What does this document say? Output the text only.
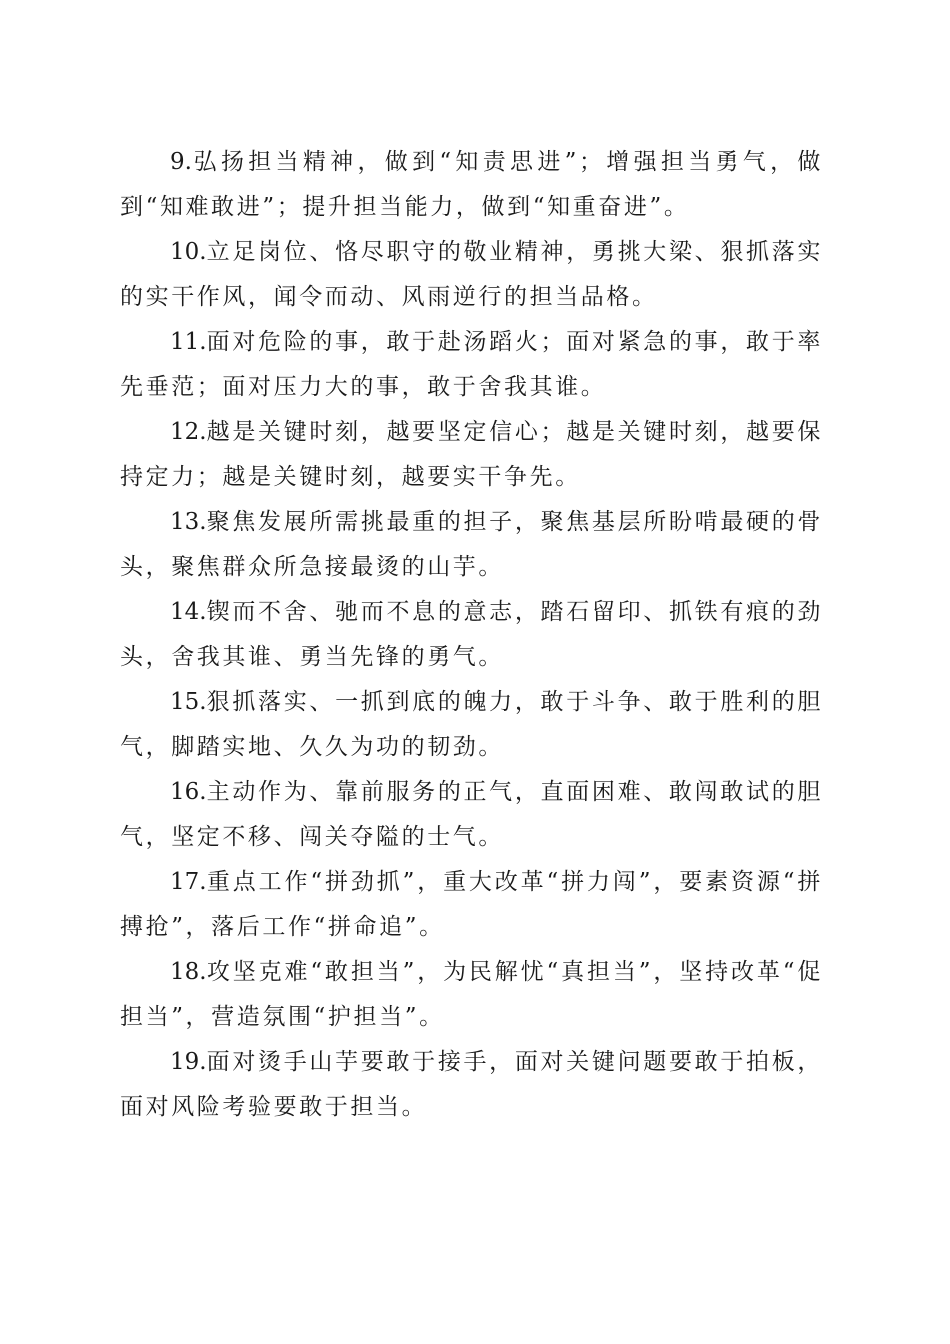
9.弘扬担当精神，做到“知责思进”；增强担当勇气，做到“知难敢进”；提升担当能力，做到“知重奋进”。

10.立足岗位、恪尽职守的敬业精神，勇挑大梁、狠抓落实的实干作风，闻令而动、风雨逆行的担当品格。

11.面对危险的事，敢于赴汤蹈火；面对紧急的事，敢于率先垂范；面对压力大的事，敢于舍我其谁。

12.越是关键时刻，越要坚定信心；越是关键时刻，越要保持定力；越是关键时刻，越要实干争先。

13.聚焦发展所需挑最重的担子，聚焦基层所盼啃最硬的骨头，聚焦群众所急接最烫的山芋。

14.锲而不舍、驰而不息的意志，踏石留印、抓铁有痕的劲头，舍我其谁、勇当先锋的勇气。

15.狠抓落实、一抓到底的魄力，敢于斗争、敢于胜利的胆气，脚踏实地、久久为功的韧劲。

16.主动作为、靠前服务的正气，直面困难、敢闯敢试的胆气，坚定不移、闯关夺隘的士气。

17.重点工作“拼劲抓”，重大改革“拼力闯”，要素资源“拼搏抢”，落后工作“拼命追”。

18.攻坚克难“敢担当”，为民解忧“真担当”，坚持改革“促担当”，营造氛围“护担当”。

19.面对烫手山芋要敢于接手，面对关键问题要敢于拍板，面对风险考验要敢于担当。
